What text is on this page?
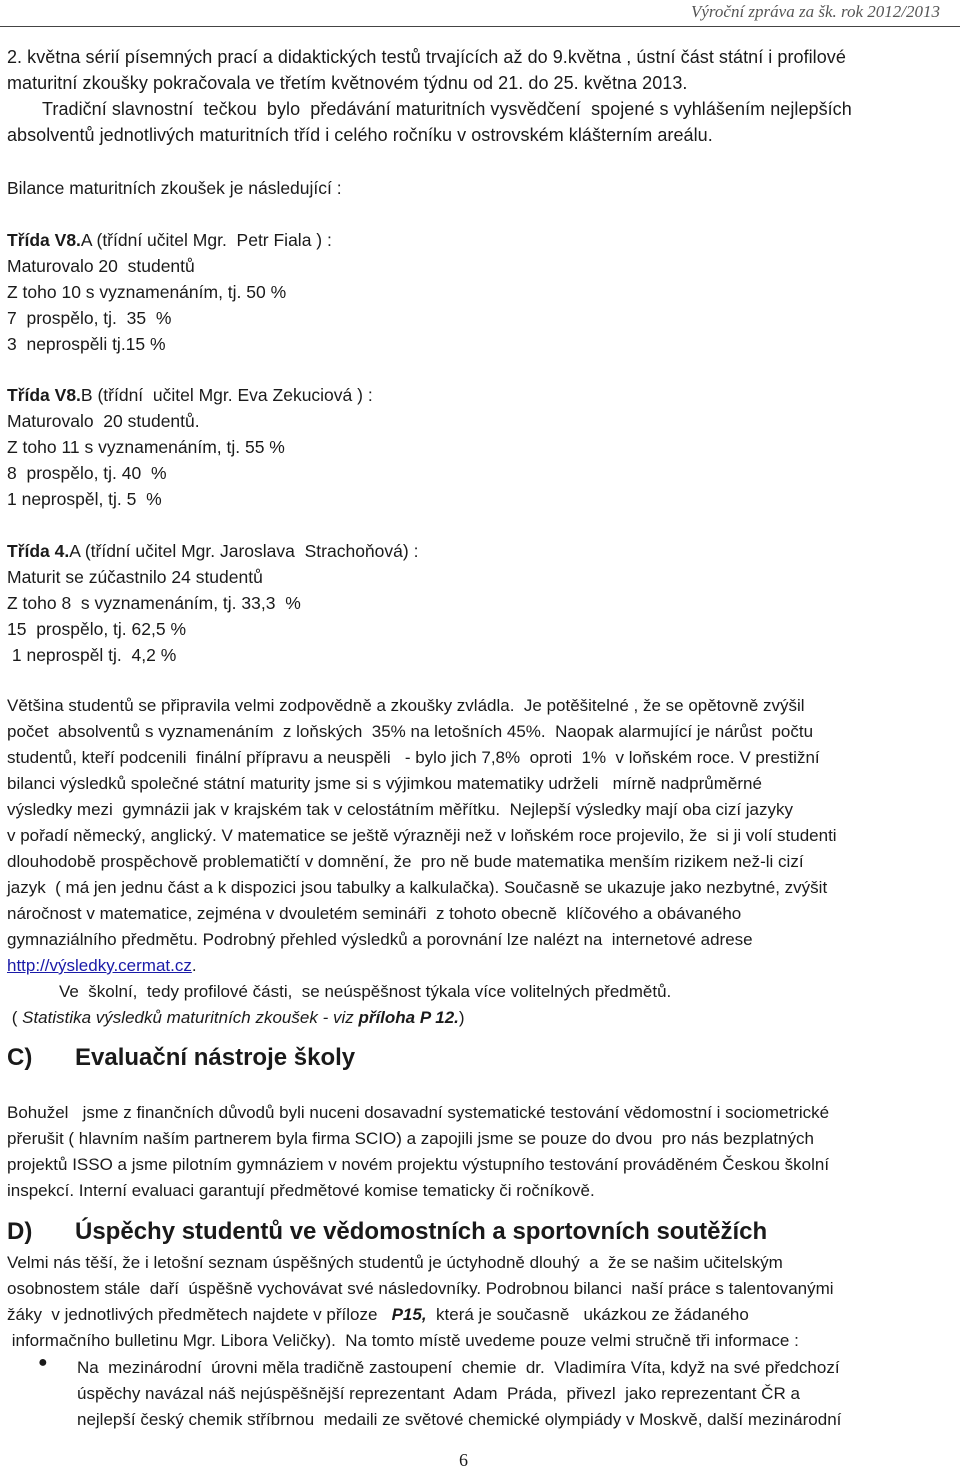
Výroční zpráva za šk. rok 2012/2013
2. května sérií písemných prací a didaktických testů trvajících až do 9.května , ústní část státní i profilové
maturitní zkoušky pokračovala ve třetím květnovém týdnu od 21. do 25. května 2013.
Tradiční slavnostní  tečkou  bylo  předávání maturitních vysvědčení  spojené s vyhlášením nejlepších
absolventů jednotlivých maturitních tříd i celého ročníku v ostrovském klášterním areálu.
Bilance maturitních zkoušek je následující :
Třída V8.A (třídní učitel Mgr.  Petr Fiala ) :
Maturovalo 20  studentů
Z toho 10 s vyznamenáním, tj. 50 %
7  prospělo, tj.  35  %
3  neprospěli tj.15 %
Třída V8.B (třídní  učitel Mgr. Eva Zekuciová ) :
Maturovalo  20 studentů.
Z toho 11 s vyznamenáním, tj. 55 %
8  prospělo, tj. 40  %
1 neprospěl, tj. 5  %
Třída 4.A (třídní učitel Mgr. Jaroslava  Strachoňová) :
Maturit se zúčastnilo 24 studentů
Z toho 8  s vyznamenáním, tj. 33,3  %
15  prospělo, tj. 62,5 %
1 neprospěl tj.  4,2 %
Většina studentů se připravila velmi zodpovědně a zkoušky zvládla.  Je potěšitelné , že se opětovně zvýšil
počet  absolventů s vyznamenáním  z loňských  35% na letošních 45%.  Naopak alarmující je nárůst  počtu
studentů, kteří podcenili  finální přípravu a neuspěli   - bylo jich 7,8%  oproti  1%  v loňském roce. V prestižní
bilanci výsledků společné státní maturity jsme si s výjimkou matematiky udrželi   mírně nadprůměrné
výsledky mezi  gymnázii jak v krajském tak v celostátním měřítku.  Nejlepší výsledky mají oba cizí jazyky
v pořadí německý, anglický. V matematice se ještě výrazněji než v loňském roce projevilo, že  si ji volí studenti
dlouhodobě prospěchově problematičtí v domnění, že  pro ně bude matematika menším rizikem než-li cizí
jazyk  ( má jen jednu část a k dispozici jsou tabulky a kalkulačka). Současně se ukazuje jako nezbytné, zvýšit
náročnost v matematice, zejména v dvouletém semináři  z tohoto obecně  klíčového a obávaného
gymnaziálního předmětu. Podrobný přehled výsledků a porovnání lze nalézt na  internetové adrese
http://výsledky.cermat.cz.
Ve  školní,  tedy profilové části,  se neúspěšnost týkala více volitelných předmětů.
( Statistika výsledků maturitních zkoušek - viz příloha P 12.)
C) Evaluační nástroje školy
Bohužel   jsme z finančních důvodů byli nuceni dosavadní systematické testování vědomostní i sociometrické
přerušit ( hlavním naším partnerem byla firma SCIO) a zapojili jsme se pouze do dvou  pro nás bezplatných
projektů ISSO a jsme pilotním gymnáziem v novém projektu výstupního testování prováděném Českou školní
inspekcí. Interní evaluaci garantují předmětové komise tematicky či ročníkově.
D) Úspěchy studentů ve vědomostních a sportovních soutěžích
Velmi nás těší, že i letošní seznam úspěšných studentů je úctyhodně dlouhý  a  že se našim učitelským
osobnostem stále  daří  úspěšně vychovávat své následovníky. Podrobnou bilanci  naší práce s talentovanými
žáky  v jednotlivých předmětech najdete v příloze   P15,  která je současně   ukázkou ze žádaného
informačního bulletinu Mgr. Libora Veličky).  Na tomto místě uvedeme pouze velmi stručně tři informace :
● Na  mezinárodní  úrovni měla tradičně zastoupení  chemie  dr.  Vladimíra Víta, když na své předchozí
úspěchy navázal náš nejúspěšnější reprezentant  Adam  Práda,  přivezl  jako reprezentant ČR a
nejlepší český chemik stříbrnou  medaili ze světové chemické olympiády v Moskvě, další mezinárodní
6
